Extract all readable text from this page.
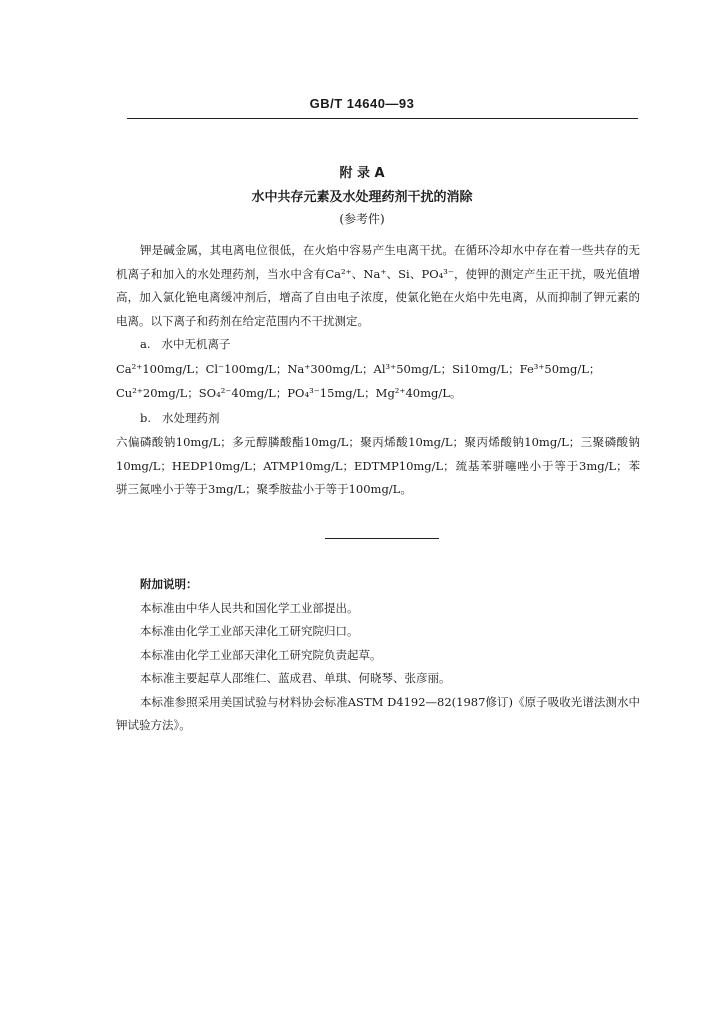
GB/T 14640—93
附 录 A
水中共存元素及水处理药剂干扰的消除
(参考件)
钾是碱金属，其电离电位很低，在火焰中容易产生电离干扰。在循环冷却水中存在着一些共存的无机离子和加入的水处理药剂，当水中含有Ca²⁺、Na⁺、Si、PO₄³⁻，使钾的测定产生正干扰，吸光值增高，加入氯化铯电离缓冲剂后，增高了自由电子浓度，使氯化铯在火焰中先电离，从而抑制了钾元素的电离。以下离子和药剂在给定范围内不干扰测定。
a. 水中无机离子
Ca²⁺100mg/L；Cl⁻100mg/L；Na⁺300mg/L；Al³⁺50mg/L；Si10mg/L；Fe³⁺50mg/L；Cu²⁺20mg/L；SO₄²⁻40mg/L；PO₄³⁻15mg/L；Mg²⁺40mg/L。
b. 水处理药剂
六偏磷酸钠10mg/L；多元醇膦酸酯10mg/L；聚丙烯酸10mg/L；聚丙烯酸钠10mg/L；三聚磷酸钠10mg/L；HEDP10mg/L；ATMP10mg/L；EDTMP10mg/L；巯基苯骈噻唑小于等于3mg/L；苯骈三氮唑小于等于3mg/L；聚季胺盐小于等于100mg/L。
附加说明：
本标准由中华人民共和国化学工业部提出。
本标准由化学工业部天津化工研究院归口。
本标准由化学工业部天津化工研究院负责起草。
本标准主要起草人邵维仁、蓝成君、单琪、何晓琴、张彦丽。
本标准参照采用美国试验与材料协会标准ASTM D4192—82(1987修订)《原子吸收光谱法测水中钾试验方法》。
